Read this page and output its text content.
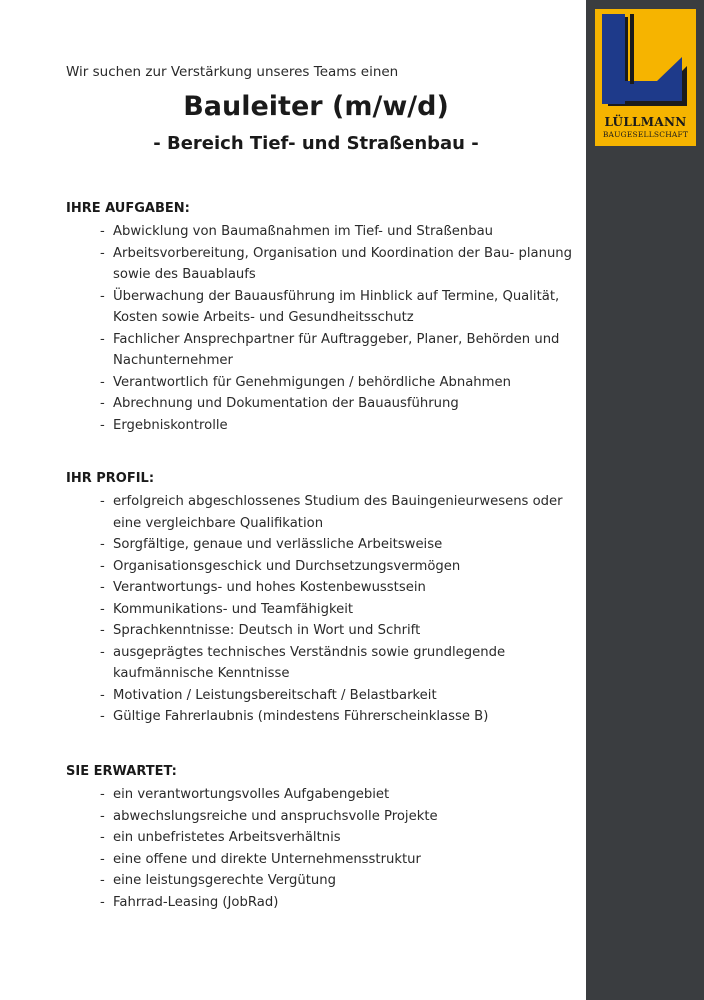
LÜLLMANN
BAUGESELLSCHAFT
Wir suchen zur Verstärkung unseres Teams einen
Bauleiter (m/w/d)
- Bereich Tief- und Straßenbau -
IHRE AUFGABEN:
- Abwicklung von Baumaßnahmen im Tief- und Straßenbau
- Arbeitsvorbereitung, Organisation und Koordination der Bau- planung sowie des Bauablaufs
- Überwachung der Bauausführung im Hinblick auf Termine, Qualität, Kosten sowie Arbeits- und Gesundheitsschutz
- Fachlicher Ansprechpartner für Auftraggeber, Planer, Behörden und Nachunternehmer
- Verantwortlich für Genehmigungen / behördliche Abnahmen
- Abrechnung und Dokumentation der Bauausführung
- Ergebniskontrolle
IHR PROFIL:
- erfolgreich abgeschlossenes Studium des Bauingenieurwesens oder eine vergleichbare Qualifikation
- Sorgfältige, genaue und verlässliche Arbeitsweise
- Organisationsgeschick und Durchsetzungsvermögen
- Verantwortungs- und hohes Kostenbewusstsein
- Kommunikations- und Teamfähigkeit
- Sprachkenntnisse: Deutsch in Wort und Schrift
- ausgeprägtes technisches Verständnis sowie grundlegende kaufmännische Kenntnisse
- Motivation / Leistungsbereitschaft / Belastbarkeit
- Gültige Fahrerlaubnis (mindestens Führerscheinklasse B)
SIE ERWARTET:
- ein verantwortungsvolles Aufgabengebiet
- abwechslungsreiche und anspruchsvolle Projekte
- ein unbefristetes Arbeitsverhältnis
- eine offene und direkte Unternehmensstruktur
- eine leistungsgerechte Vergütung
- Fahrrad-Leasing (JobRad)
